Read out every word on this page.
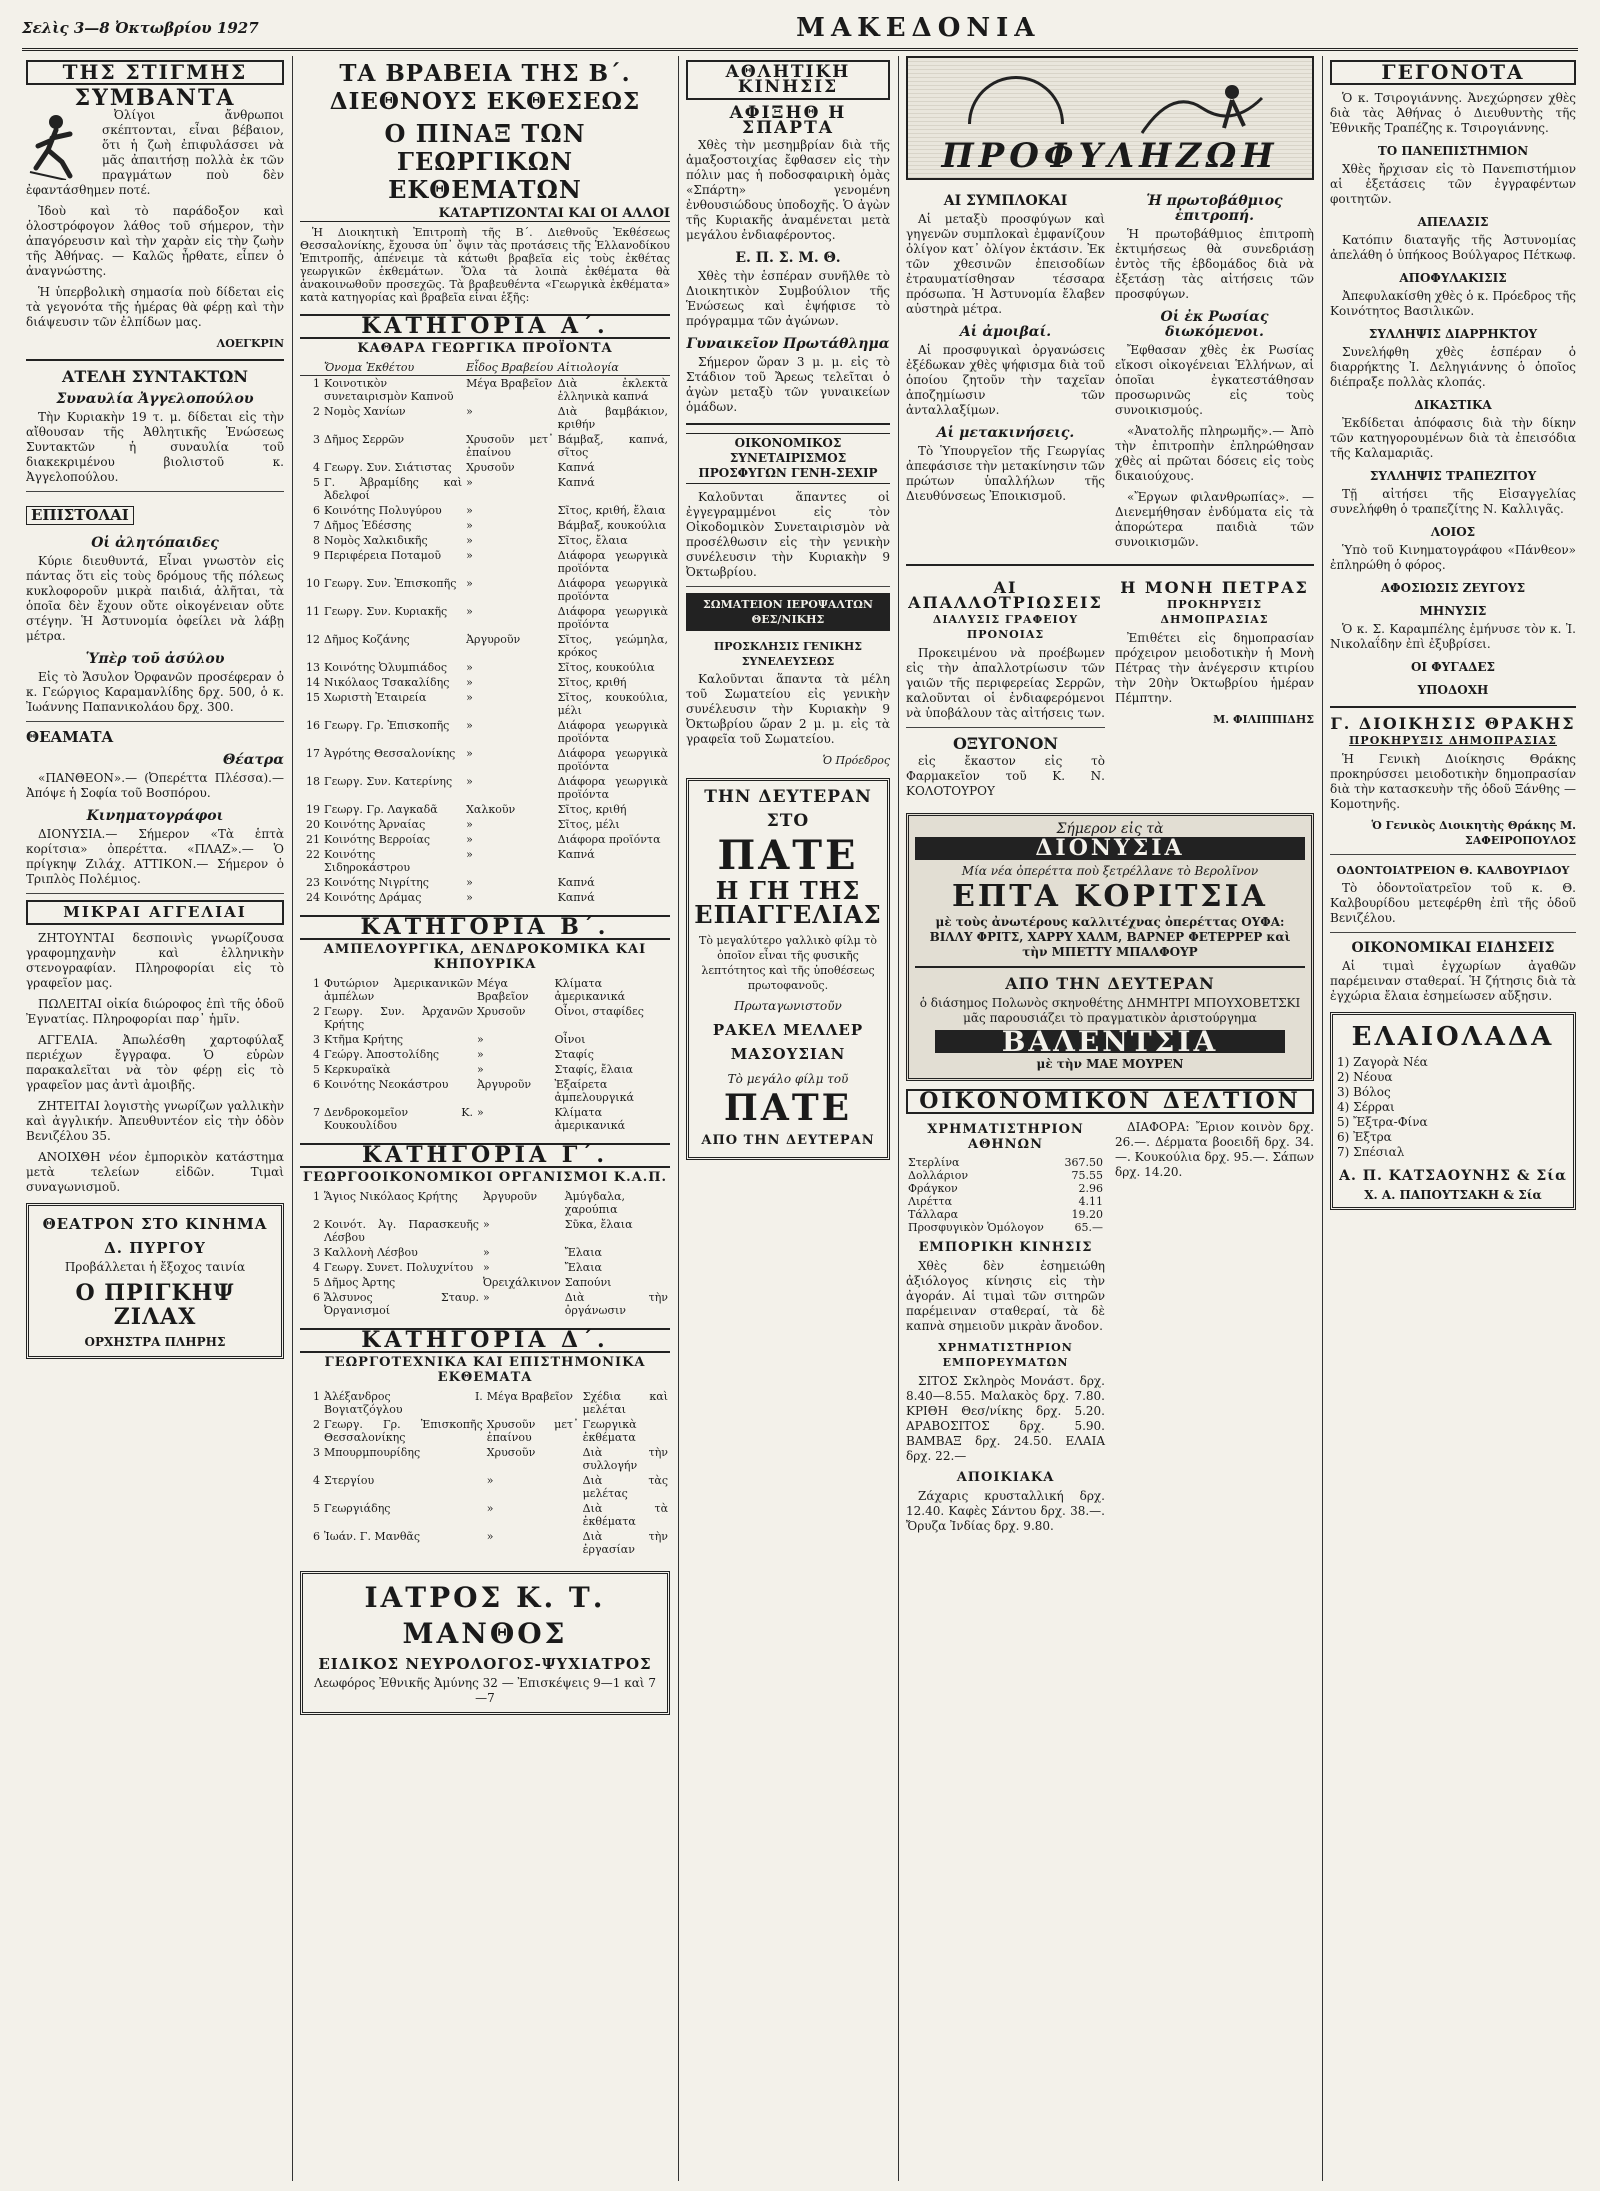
Σελὶς 3—8 Ὀκτωβρίου 1927	ΜΑΚΕΔΟΝΙΑ
ΤΗΣ ΣΤΙΓΜΗΣ
ΣΥΜΒΑΝΤΑ

Ὀλίγοι ἄνθρωποι σκέπτονται, εἶναι βέβαιον, ὅτι ἡ ζωὴ ἐπιφυλάσσει νὰ μᾶς ἀπαιτήσῃ πολλὰ ἐκ τῶν πραγμάτων ποὺ δὲν ἐφαντάσθημεν ποτέ.

Ἰδοὺ καὶ τὸ παράδοξον καὶ ὁλοστρόφογον λάθος τοῦ σήμερον, τὴν ἀπαγόρευσιν καὶ τὴν χαρὰν εἰς τὴν ζωὴν τῆς Ἀθήνας. — Καλῶς ἦρθατε, εἶπεν ὁ ἀναγνώστης.

Ἡ ὑπερβολικὴ σημασία ποὺ δίδεται εἰς τὰ γεγονότα τῆς ἡμέρας θὰ φέρῃ καὶ τὴν διάψευσιν τῶν ἐλπίδων μας.

ΛΟΕΓΚΡΙΝ
ΑΤΕΛΗ ΣΥΝΤΑΚΤΩΝ
Συναυλία Ἀγγελοπούλου

Τὴν Κυριακὴν 19 τ. μ. δίδεται εἰς τὴν αἴθουσαν τῆς Ἀθλητικῆς Ἑνώσεως Συντακτῶν ἡ συναυλία τοῦ διακεκριμένου βιολιστοῦ κ. Ἀγγελοπούλου.

ΕΠΙΣΤΟΛΑΙ
Οἱ ἀλητόπαιδες

Κύριε διευθυντά, Εἶναι γνωστὸν εἰς πάντας ὅτι εἰς τοὺς δρόμους τῆς πόλεως κυκλοφοροῦν μικρὰ παιδιά, ἀλῆται, τὰ ὁποῖα δὲν ἔχουν οὔτε οἰκογένειαν οὔτε στέγην. Ἡ Ἀστυνομία ὀφείλει νὰ λάβῃ μέτρα.

Ὑπὲρ τοῦ ἀσύλου

Εἰς τὸ Ἄσυλον Ὀρφανῶν προσέφεραν ὁ κ. Γεώργιος Καραμανλίδης δρχ. 500, ὁ κ. Ἰωάννης Παπανικολάου δρχ. 300.

ΘΕΑΜΑΤΑ
Θέατρα

«ΠΑΝΘΕΟΝ».— (Ὀπερέττα Πλέσσα).— Ἀπόψε ἡ Σοφία τοῦ Βοσπόρου.

Κινηματογράφοι

ΔΙΟΝΥΣΙΑ.— Σήμερον «Τὰ ἑπτὰ κορίτσια» ὀπερέττα. «ΠΛΑΖ».— Ὁ πρίγκηψ Ζιλάχ. ΑΤΤΙΚΟΝ.— Σήμερον ὁ Τριπλὸς Πολέμιος.

ΜΙΚΡΑΙ ΑΓΓΕΛΙΑΙ

ΖΗΤΟΥΝΤΑΙ δεσποινὶς γνωρίζουσα γραφομηχανὴν καὶ ἑλληνικὴν στενογραφίαν. Πληροφορίαι εἰς τὸ γραφεῖον μας.

ΠΩΛΕΙΤΑΙ οἰκία διώροφος ἐπὶ τῆς ὁδοῦ Ἐγνατίας. Πληροφορίαι παρ᾽ ἡμῖν.

ΑΓΓΕΛΙΑ. Ἀπωλέσθη χαρτοφύλαξ περιέχων ἔγγραφα. Ὁ εὑρὼν παρακαλεῖται νὰ τὸν φέρῃ εἰς τὸ γραφεῖον μας ἀντὶ ἀμοιβῆς.

ΖΗΤΕΙΤΑΙ λογιστὴς γνωρίζων γαλλικὴν καὶ ἀγγλικήν. Ἀπευθυντέον εἰς τὴν ὁδὸν Βενιζέλου 35.

ΑΝΟΙΧΘΗ νέον ἐμπορικὸν κατάστημα μετὰ τελείων εἰδῶν. Τιμαὶ συναγωνισμοῦ.

ΘΕΑΤΡΟΝ ΣΤΟ ΚΙΝΗΜΑ Δ. ΠΥΡΓΟΥ
Προβάλλεται ἡ ἔξοχος ταινία
Ο ΠΡΙΓΚΗΨ ΖΙΛΑΧ
ΟΡΧΗΣΤΡΑ ΠΛΗΡΗΣ
ΤΑ ΒΡΑΒΕΙΑ ΤΗΣ Β΄. ΔΙΕΘΝΟΥΣ ΕΚΘΕΣΕΩΣ
Ο ΠΙΝΑΞ ΤΩΝ ΓΕΩΡΓΙΚΩΝ ΕΚΘΕΜΑΤΩΝ
ΚΑΤΑΡΤΙΖΟΝΤΑΙ ΚΑΙ ΟΙ ΑΛΛΟΙ

Ἡ Διοικητικὴ Ἐπιτροπὴ τῆς Β΄. Διεθνοῦς Ἐκθέσεως Θεσσαλονίκης, ἔχουσα ὑπ᾽ ὄψιν τὰς προτάσεις τῆς Ἑλλανοδίκου Ἐπιτροπῆς, ἀπένειμε τὰ κάτωθι βραβεῖα εἰς τοὺς ἐκθέτας γεωργικῶν ἐκθεμάτων. Ὅλα τὰ λοιπὰ ἐκθέματα θὰ ἀνακοινωθοῦν προσεχῶς. Τὰ βραβευθέντα «Γεωργικὰ ἐκθέματα» κατὰ κατηγορίας καὶ βραβεῖα εἶναι ἑξῆς:

ΚΑΤΗΓΟΡΙΑ Α΄.
ΚΑΘΑΡΑ ΓΕΩΡΓΙΚΑ ΠΡΟΪΟΝΤΑ
	Ὄνομα Ἐκθέτου	Εἶδος Βραβείου	Αἰτιολογία
1	Κοινοτικὸν συνεταιρισμὸν Καπνοῦ	Μέγα Βραβεῖον	Διὰ ἐκλεκτὰ ἑλληνικὰ καπνά
2	Νομὸς Χανίων	»	Διὰ βαμβάκιον, κριθήν
3	Δῆμος Σερρῶν	Χρυσοῦν μετ᾽ ἐπαίνου	Βάμβαξ, καπνά, σῖτος
4	Γεωργ. Συν. Σιάτιστας	Χρυσοῦν	Καπνά
5	Γ. Ἀβραμίδης καὶ Ἀδελφοί	»	Καπνά
6	Κοινότης Πολυγύρου	»	Σῖτος, κριθή, ἔλαια
7	Δῆμος Ἐδέσσης	»	Βάμβαξ, κουκούλια
8	Νομὸς Χαλκιδικῆς	»	Σῖτος, ἔλαια
9	Περιφέρεια Ποταμοῦ	»	Διάφορα γεωργικὰ προϊόντα
10	Γεωργ. Συν. Ἐπισκοπῆς	»	Διάφορα γεωργικὰ προϊόντα
11	Γεωργ. Συν. Κυριακῆς	»	Διάφορα γεωργικὰ προϊόντα
12	Δῆμος Κοζάνης	Ἀργυροῦν	Σῖτος, γεώμηλα, κρόκος
13	Κοινότης Ὀλυμπιάδος	»	Σῖτος, κουκούλια
14	Νικόλαος Τσακαλίδης	»	Σῖτος, κριθή
15	Χωριστὴ Ἐταιρεία	»	Σῖτος, κουκούλια, μέλι
16	Γεωργ. Γρ. Ἐπισκοπῆς	»	Διάφορα γεωργικὰ προϊόντα
17	Ἀγρότης Θεσσαλονίκης	»	Διάφορα γεωργικὰ προϊόντα
18	Γεωργ. Συν. Κατερίνης	»	Διάφορα γεωργικὰ προϊόντα
19	Γεωργ. Γρ. Λαγκαδᾶ	Χαλκοῦν	Σῖτος, κριθή
20	Κοινότης Ἀρναίας	»	Σῖτος, μέλι
21	Κοινότης Βερροίας	»	Διάφορα προϊόντα
22	Κοινότης Σιδηροκάστρου	»	Καπνά
23	Κοινότης Νιγρίτης	»	Καπνά
24	Κοινότης Δράμας	»	Καπνά
ΚΑΤΗΓΟΡΙΑ Β΄.
ΑΜΠΕΛΟΥΡΓΙΚΑ, ΔΕΝΔΡΟΚΟΜΙΚΑ ΚΑΙ ΚΗΠΟΥΡΙΚΑ
1	Φυτώριον Ἀμερικανικῶν ἀμπέλων	Μέγα Βραβεῖον	Κλίματα ἀμερικανικά
2	Γεωργ. Συν. Ἀρχανῶν Κρήτης	Χρυσοῦν	Οἶνοι, σταφίδες
3	Κτῆμα Κρήτης	»	Οἶνοι
4	Γεώργ. Ἀποστολίδης	»	Σταφίς
5	Κερκυραϊκὰ	»	Σταφίς, ἔλαια
6	Κοινότης Νεοκάστρου	Ἀργυροῦν	Ἐξαίρετα ἀμπελουργικά
7	Δενδροκομεῖον Κ. Κουκουλίδου	»	Κλίματα ἀμερικανικά
ΚΑΤΗΓΟΡΙΑ Γ΄.
ΓΕΩΡΓΟΟΙΚΟΝΟΜΙΚΟΙ ΟΡΓΑΝΙΣΜΟΙ Κ.Α.Π.
1	Ἅγιος Νικόλαος Κρήτης	Ἀργυροῦν	Ἀμύγδαλα, χαρούπια
2	Κοινότ. Ἀγ. Παρασκευῆς Λέσβου	»	Σῦκα, ἔλαια
3	Καλλονὴ Λέσβου	»	Ἔλαια
4	Γεωργ. Συνετ. Πολυχνίτου	»	Ἔλαια
5	Δῆμος Ἀρτης	Ὀρειχάλκινον	Σαπούνι
6	Ἄλσυνος Σταυρ. Ὀργανισμοί	»	Διὰ τὴν ὀργάνωσιν
ΚΑΤΗΓΟΡΙΑ Δ΄.
ΓΕΩΡΓΟΤΕΧΝΙΚΑ ΚΑΙ ΕΠΙΣΤΗΜΟΝΙΚΑ ΕΚΘΕΜΑΤΑ
1	Ἀλέξανδρος Ι. Βογιατζόγλου	Μέγα Βραβεῖον	Σχέδια καὶ μελέται
2	Γεωργ. Γρ. Ἐπισκοπῆς Θεσσαλονίκης	Χρυσοῦν μετ᾽ ἐπαίνου	Γεωργικὰ ἐκθέματα
3	Μπουρμπουρίδης	Χρυσοῦν	Διὰ τὴν συλλογήν
4	Στεργίου	»	Διὰ τὰς μελέτας
5	Γεωργιάδης	»	Διὰ τὰ ἐκθέματα
6	Ἰωάν. Γ. Μανθᾶς	»	Διὰ τὴν ἐργασίαν
ΙΑΤΡΟΣ Κ. Τ. ΜΑΝΘΟΣ
ΕΙΔΙΚΟΣ ΝΕΥΡΟΛΟΓΟΣ-ΨΥΧΙΑΤΡΟΣ
Λεωφόρος Ἐθνικῆς Ἀμύνης 32 — Ἐπισκέψεις 9—1 καὶ 7—7
ΑΘΛΗΤΙΚΗ ΚΙΝΗΣΙΣ
ΑΦΙΞΗΘ Η ΣΠΑΡΤΑ

Χθὲς τὴν μεσημβρίαν διὰ τῆς ἀμαξοστοιχίας ἔφθασεν εἰς τὴν πόλιν μας ἡ ποδοσφαιρικὴ ὁμὰς «Σπάρτη» γενομένη ἐνθουσιώδους ὑποδοχῆς. Ὁ ἀγὼν τῆς Κυριακῆς ἀναμένεται μετὰ μεγάλου ἐνδιαφέροντος.

Ε. Π. Σ. Μ. Θ.

Χθὲς τὴν ἑσπέραν συνῆλθε τὸ Διοικητικὸν Συμβούλιον τῆς Ἑνώσεως καὶ ἐψήφισε τὸ πρόγραμμα τῶν ἀγώνων.

Γυναικεῖον Πρωτάθλημα

Σήμερον ὥραν 3 μ. μ. εἰς τὸ Στάδιον τοῦ Ἄρεως τελεῖται ὁ ἀγὼν μεταξὺ τῶν γυναικείων ὁμάδων.

ΟΙΚΟΝΟΜΙΚΟΣ ΣΥΝΕΤΑΙΡΙΣΜΟΣ ΠΡΟΣΦΥΓΩΝ ΓΕΝΗ-ΣΕΧΙΡ

Καλοῦνται ἅπαντες οἱ ἐγγεγραμμένοι εἰς τὸν Οἰκοδομικὸν Συνεταιρισμὸν νὰ προσέλθωσιν εἰς τὴν γενικὴν συνέλευσιν τὴν Κυριακὴν 9 Ὀκτωβρίου.

ΣΩΜΑΤΕΙΟΝ ΙΕΡΟΨΑΛΤΩΝ ΘΕΣ/ΝΙΚΗΣ
ΠΡΟΣΚΛΗΣΙΣ ΓΕΝΙΚΗΣ ΣΥΝΕΛΕΥΣΕΩΣ

Καλοῦνται ἅπαντα τὰ μέλη τοῦ Σωματείου εἰς γενικὴν συνέλευσιν τὴν Κυριακὴν 9 Ὀκτωβρίου ὥραν 2 μ. μ. εἰς τὰ γραφεῖα τοῦ Σωματείου.

Ὁ Πρόεδρος
ΤΗΝ ΔΕΥΤΕΡΑΝ ΣΤΟ
ΠΑΤΕ
Η ΓΗ ΤΗΣ
ΕΠΑΓΓΕΛΙΑΣ
Τὸ μεγαλύτερο γαλλικὸ φίλμ τὸ ὁποῖον εἶναι τῆς φυσικῆς λεπτότητος καὶ τῆς ὑποθέσεως πρωτοφανοῦς.
Πρωταγωνιστοῦν
ΡΑΚΕΛ ΜΕΛΛΕΡ
ΜΑΣΟΥΣΙΑΝ
Τὸ μεγάλο φίλμ τοῦ
ΠΑΤΕ
ΑΠΟ ΤΗΝ ΔΕΥΤΕΡΑΝ
ΠΡΟΦΥΛΗΖΩΗ
ΑΙ ΣΥΜΠΛΟΚΑΙ

Αἱ μεταξὺ προσφύγων καὶ γηγενῶν συμπλοκαὶ ἐμφανίζουν ὀλίγον κατ᾽ ὀλίγον ἐκτάσιν. Ἐκ τῶν χθεσινῶν ἐπεισοδίων ἐτραυματίσθησαν τέσσαρα πρόσωπα. Ἡ Ἀστυνομία ἔλαβεν αὐστηρὰ μέτρα.

Αἱ ἀμοιβαί.

Αἱ προσφυγικαὶ ὀργανώσεις ἐξέδωκαν χθὲς ψήφισμα διὰ τοῦ ὁποίου ζητοῦν τὴν ταχεῖαν ἀποζημίωσιν τῶν ἀνταλλαξίμων.

Αἱ μετακινήσεις.

Τὸ Ὑπουργεῖον τῆς Γεωργίας ἀπεφάσισε τὴν μετακίνησιν τῶν πρώτων ὑπαλλήλων τῆς Διευθύνσεως Ἐποικισμοῦ.

Ἡ πρωτοβάθμιος ἐπιτροπή.

Ἡ πρωτοβάθμιος ἐπιτροπὴ ἐκτιμήσεως θὰ συνεδριάσῃ ἐντὸς τῆς ἑβδομάδος διὰ νὰ ἐξετάσῃ τὰς αἰτήσεις τῶν προσφύγων.

Οἱ ἐκ Ρωσίας διωκόμενοι.

Ἔφθασαν χθὲς ἐκ Ρωσίας εἴκοσι οἰκογένειαι Ἑλλήνων, αἱ ὁποῖαι ἐγκατεστάθησαν προσωρινῶς εἰς τοὺς συνοικισμούς.

«Ἀνατολῆς πληρωμῆς».— Ἀπὸ τὴν ἐπιτροπὴν ἐπληρώθησαν χθὲς αἱ πρῶται δόσεις εἰς τοὺς δικαιούχους.

«Ἔργων φιλανθρωπίας». — Διενεμήθησαν ἐνδύματα εἰς τὰ ἀπορώτερα παιδιὰ τῶν συνοικισμῶν.

ΑΙ ΑΠΑΛΛΟΤΡΙΩΣΕΙΣ
ΔΙΑΛΥΣΙΣ ΓΡΑΦΕΙΟΥ ΠΡΟΝΟΙΑΣ

Προκειμένου νὰ προέβωμεν εἰς τὴν ἀπαλλοτρίωσιν τῶν γαιῶν τῆς περιφερείας Σερρῶν, καλοῦνται οἱ ἐνδιαφερόμενοι νὰ ὑποβάλουν τὰς αἰτήσεις των.

ΟΞΥΓΟΝΟΝ

εἰς ἔκαστον εἰς τὸ Φαρμακεῖον τοῦ Κ. Ν. ΚΟΛΟΤΟΥΡΟΥ

Η ΜΟΝΗ ΠΕΤΡΑΣ
ΠΡΟΚΗΡΥΞΙΣ ΔΗΜΟΠΡΑΣΙΑΣ

Ἐπιθέτει εἰς δημοπρασίαν πρόχειρον μειοδοτικὴν ἡ Μονὴ Πέτρας τὴν ἀνέγερσιν κτιρίου τὴν 20ὴν Ὀκτωβρίου ἡμέραν Πέμπτην.

Μ. ΦΙΛΙΠΠΙΔΗΣ
Σήμερον εἰς τὰ
ΔΙΟΝΥΣΙΑ
Μία νέα ὀπερέττα ποὺ ξετρέλλανε τὸ Βερολῖνον
ΕΠΤΑ ΚΟΡΙΤΣΙΑ
μὲ τοὺς ἀνωτέρους καλλιτέχνας ὀπερέττας ΟΥΦΑ: ΒΙΛΛΥ ΦΡΙΤΣ, ΧΑΡΡΥ ΧΑΛΜ, ΒΑΡΝΕΡ ΦΕΤΕΡΡΕΡ καὶ τὴν ΜΠΕΤΤΥ ΜΠΑΛΦΟΥΡ
ΑΠΟ ΤΗΝ ΔΕΥΤΕΡΑΝ
ὁ διάσημος Πολωνὸς σκηνοθέτης ΔΗΜΗΤΡΙ ΜΠΟΥΧΟΒΕΤΣΚΙ μᾶς παρουσιάζει τὸ πραγματικὸν ἀριστούργημα
ΒΑΛΕΝΤΣΙΑ
μὲ τὴν ΜΑΕ ΜΟΥΡΕΝ
ΟΙΚΟΝΟΜΙΚΟΝ ΔΕΛΤΙΟΝ
ΧΡΗΜΑΤΙΣΤΗΡΙΟΝ ΑΘΗΝΩΝ
Στερλίνα	367.50
Δολλάριον	75.55
Φράγκον	2.96
Λιρέττα	4.11
Τάλλαρα	19.20
Προσφυγικὸν Ὁμόλογον	65.—
ΕΜΠΟΡΙΚΗ ΚΙΝΗΣΙΣ

Χθὲς δὲν ἐσημειώθη ἀξιόλογος κίνησις εἰς τὴν ἀγοράν. Αἱ τιμαὶ τῶν σιτηρῶν παρέμειναν σταθεραί, τὰ δὲ καπνὰ σημειοῦν μικρὰν ἄνοδον.

ΧΡΗΜΑΤΙΣΤΗΡΙΟΝ ΕΜΠΟΡΕΥΜΑΤΩΝ

ΣΙΤΟΣ Σκληρὸς Μονάστ. δρχ. 8.40—8.55. Μαλακὸς δρχ. 7.80. ΚΡΙΘΗ Θεσ/νίκης δρχ. 5.20. ΑΡΑΒΟΣΙΤΟΣ δρχ. 5.90. ΒΑΜΒΑΞ δρχ. 24.50. ΕΛΑΙΑ δρχ. 22.—

ΑΠΟΙΚΙΑΚΑ

Ζάχαρις κρυσταλλική δρχ. 12.40. Καφὲς Σάντου δρχ. 38.—. Ὄρυζα Ἰνδίας δρχ. 9.80.

ΔΙΑΦΟΡΑ: Ἔριον κοινὸν δρχ. 26.—. Δέρματα βοοειδῆ δρχ. 34.—. Κουκούλια δρχ. 95.—. Σάπων δρχ. 14.20.

ΓΕΓΟΝΟΤΑ

Ὁ κ. Τσιρογιάννης. Ἀνεχώρησεν χθὲς διὰ τὰς Ἀθήνας ὁ Διευθυντὴς τῆς Ἐθνικῆς Τραπέζης κ. Τσιρογιάννης.

ΤΟ ΠΑΝΕΠΙΣΤΗΜΙΟΝ

Χθὲς ἤρχισαν εἰς τὸ Πανεπιστήμιον αἱ ἐξετάσεις τῶν ἐγγραφέντων φοιτητῶν.

ΑΠΕΛΑΣΙΣ

Κατόπιν διαταγῆς τῆς Ἀστυνομίας ἀπελάθη ὁ ὑπήκοος Βούλγαρος Πέτκωφ.

ΑΠΟΦΥΛΑΚΙΣΙΣ

Ἀπεφυλακίσθη χθὲς ὁ κ. Πρόεδρος τῆς Κοινότητος Βασιλικῶν.

ΣΥΛΛΗΨΙΣ ΔΙΑΡΡΗΚΤΟΥ

Συνελήφθη χθὲς ἑσπέραν ὁ διαρρήκτης Ἰ. Δεληγιάννης ὁ ὁποῖος διέπραξε πολλὰς κλοπάς.

ΔΙΚΑΣΤΙΚΑ

Ἐκδίδεται ἀπόφασις διὰ τὴν δίκην τῶν κατηγορουμένων διὰ τὰ ἐπεισόδια τῆς Καλαμαριᾶς.

ΣΥΛΛΗΨΙΣ ΤΡΑΠΕΖΙΤΟΥ

Τῇ αἰτήσει τῆς Εἰσαγγελίας συνελήφθη ὁ τραπεζίτης Ν. Καλλιγᾶς.

ΛΟΙΟΣ

Ὑπὸ τοῦ Κινηματογράφου «Πάνθεον» ἐπληρώθη ὁ φόρος.

ΑΦΟΣΙΩΣΙΣ ΖΕΥΓΟΥΣ
ΜΗΝΥΣΙΣ

Ὁ κ. Σ. Καραμπέλης ἐμήνυσε τὸν κ. Ἰ. Νικολαΐδην ἐπὶ ἐξυβρίσει.

ΟΙ ΦΥΓΑΔΕΣ
ΥΠΟΔΟΧΗ
Γ. ΔΙΟΙΚΗΣΙΣ ΘΡΑΚΗΣ
ΠΡΟΚΗΡΥΞΙΣ ΔΗΜΟΠΡΑΣΙΑΣ

Ἡ Γενικὴ Διοίκησις Θράκης προκηρύσσει μειοδοτικὴν δημοπρασίαν διὰ τὴν κατασκευὴν τῆς ὁδοῦ Ξάνθης — Κομοτηνῆς.

Ὁ Γενικὸς Διοικητὴς Θράκης Μ. ΣΑΦΕΙΡΟΠΟΥΛΟΣ
ΟΔΟΝΤΟΙΑΤΡΕΙΟΝ Θ. ΚΑΛΒΟΥΡΙΔΟΥ

Τὸ ὀδοντοϊατρεῖον τοῦ κ. Θ. Καλβουρίδου μετεφέρθη ἐπὶ τῆς ὁδοῦ Βενιζέλου.

ΟΙΚΟΝΟΜΙΚΑΙ ΕΙΔΗΣΕΙΣ

Αἱ τιμαὶ ἐγχωρίων ἀγαθῶν παρέμειναν σταθεραί. Ἡ ζήτησις διὰ τὰ ἐγχώρια ἔλαια ἐσημείωσεν αὔξησιν.

ΕΛΑΙΟΛΑΔΑ
1) Ζαγορὰ Νέα
2) Νέουα
3) Βόλος
4) Σέρραι
5) Ἔξτρα-Φίνα
6) Ἐξτρα
7) Σπέσιαλ
Α. Π. ΚΑΤΣΑΟΥΝΗΣ & Σία
Χ. Α. ΠΑΠΟΥΤΣΑΚΗ & Σία
